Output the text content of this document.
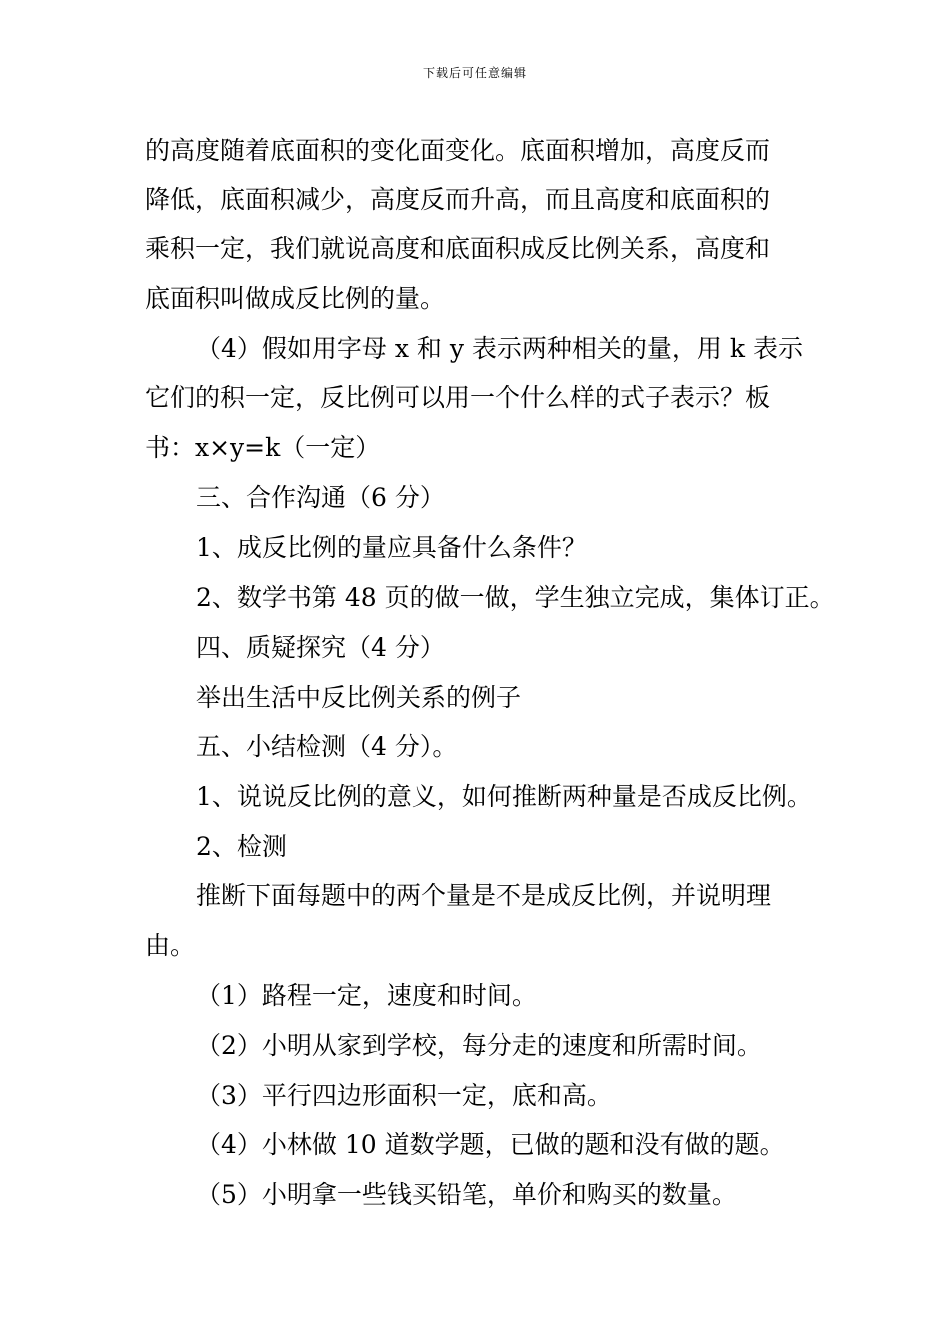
下载后可任意编辑
的高度随着底面积的变化面变化。底面积增加，高度反而
降低，底面积减少，高度反而升高，而且高度和底面积的
乘积一定，我们就说高度和底面积成反比例关系，高度和
底面积叫做成反比例的量。
（4）假如用字母 x 和 y 表示两种相关的量，用 k 表示
它们的积一定，反比例可以用一个什么样的式子表示？板
书：x×y=k（一定）
三、合作沟通（6 分）
1、成反比例的量应具备什么条件？
2、数学书第 48 页的做一做，学生独立完成，集体订正。
四、质疑探究（4 分）
举出生活中反比例关系的例子
五、小结检测（4 分）。
1、说说反比例的意义，如何推断两种量是否成反比例。
2、检测
推断下面每题中的两个量是不是成反比例，并说明理
由。
（1）路程一定，速度和时间。
（2）小明从家到学校，每分走的速度和所需时间。
（3）平行四边形面积一定，底和高。
（4）小林做 10 道数学题，已做的题和没有做的题。
（5）小明拿一些钱买铅笔，单价和购买的数量。
